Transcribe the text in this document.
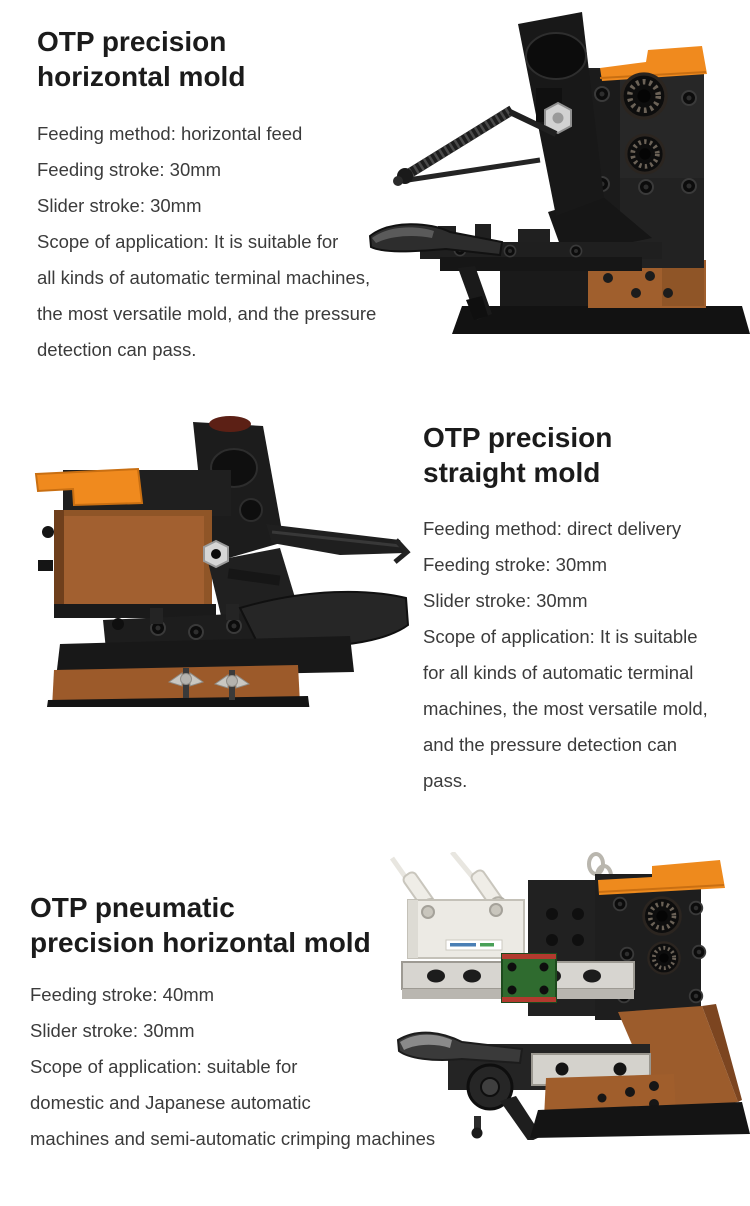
OTP precision
horizontal mold
Feeding method: horizontal feed
Feeding stroke: 30mm
Slider stroke: 30mm
Scope of application: It is suitable for
all kinds of automatic terminal machines,
the most versatile mold, and the pressure
detection can pass.
OTP precision
straight mold
Feeding method: direct delivery
Feeding stroke: 30mm
Slider stroke: 30mm
Scope of application: It is suitable
for all kinds of automatic terminal
machines, the most versatile mold,
and the pressure detection can
pass.
OTP pneumatic
precision horizontal mold
Feeding stroke: 40mm
Slider stroke: 30mm
Scope of application: suitable for
domestic and Japanese automatic
machines and semi-automatic crimping machines
